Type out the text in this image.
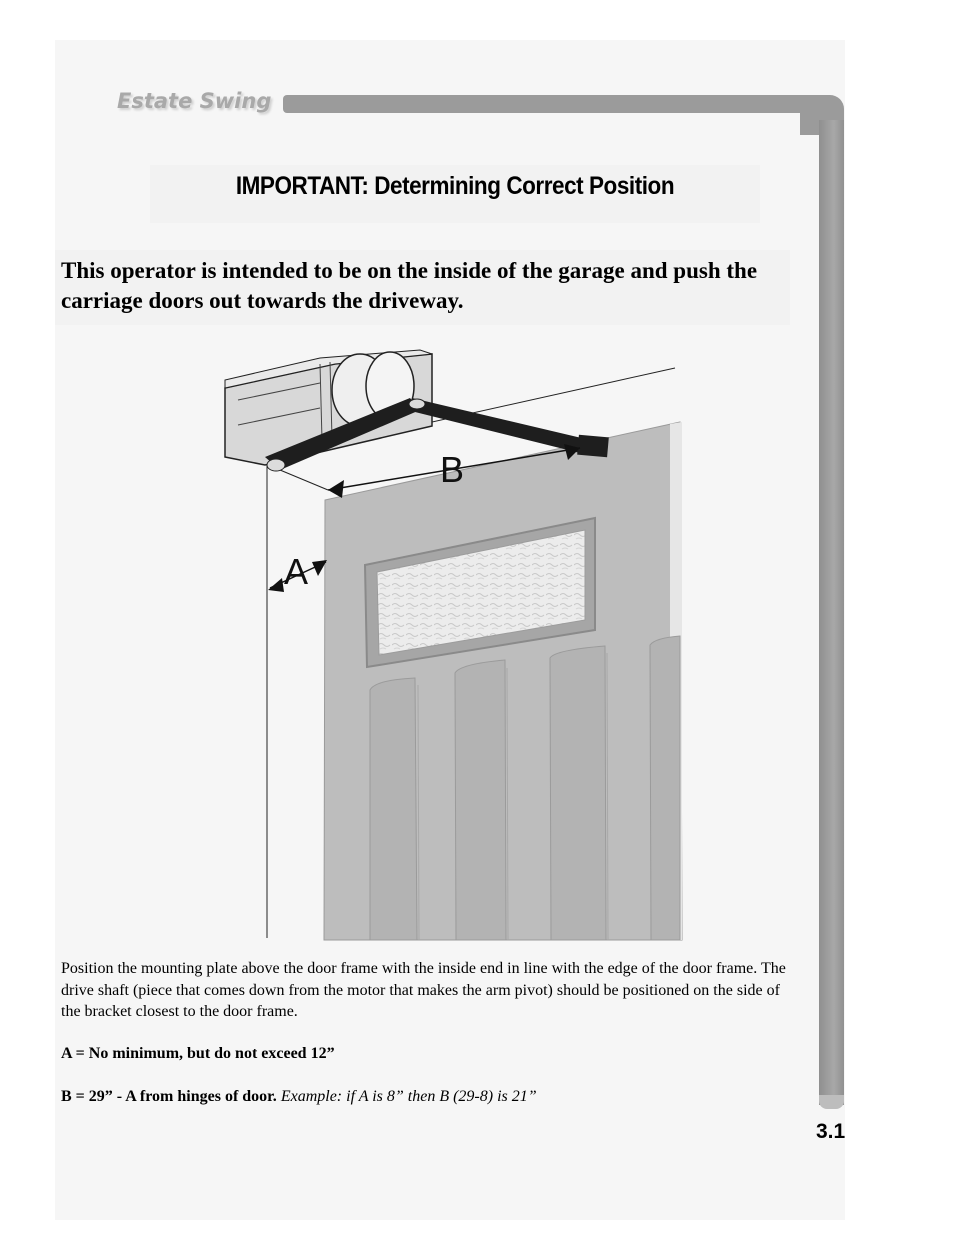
Estate Swing
IMPORTANT: Determining Correct Position
This operator is intended to be on the inside of the garage and push the carriage doors out towards the driveway.
B
A
Position the mounting plate above the door frame with the inside end in line with the edge of the door frame. The drive shaft (piece that comes down from the motor that makes the arm pivot) should be positioned on the side of the bracket closest to the door frame.
A = No minimum, but do not exceed 12”
B = 29” - A from hinges of door. Example: if A is 8” then B (29-8) is 21”
3.1
